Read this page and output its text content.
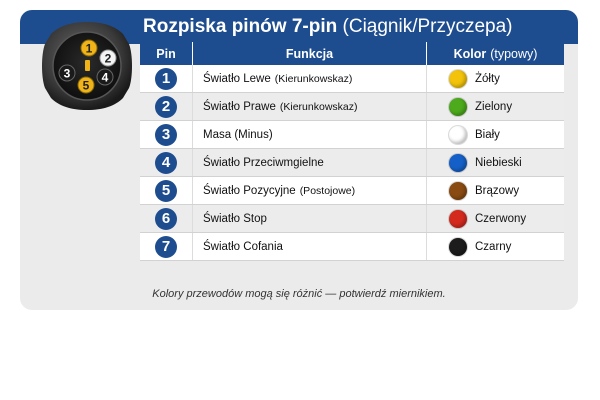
Rozpiska pinów 7-pin (Ciągnik/Przyczepa)
1
2
3	4
5
Pin	Funkcja	Kolor (typowy)
1	Światło Lewe (Kierunkowskaz)	Żółty
2	Światło Prawe (Kierunkowskaz)	Zielony
3	Masa (Minus)	Biały
4	Światło Przeciwmgielne	Niebieski
5	Światło Pozycyjne (Postojowe)	Brązowy
6	Światło Stop	Czerwony
7	Światło Cofania	Czarny
Kolory przewodów mogą się różnić — potwierdź miernikiem.
